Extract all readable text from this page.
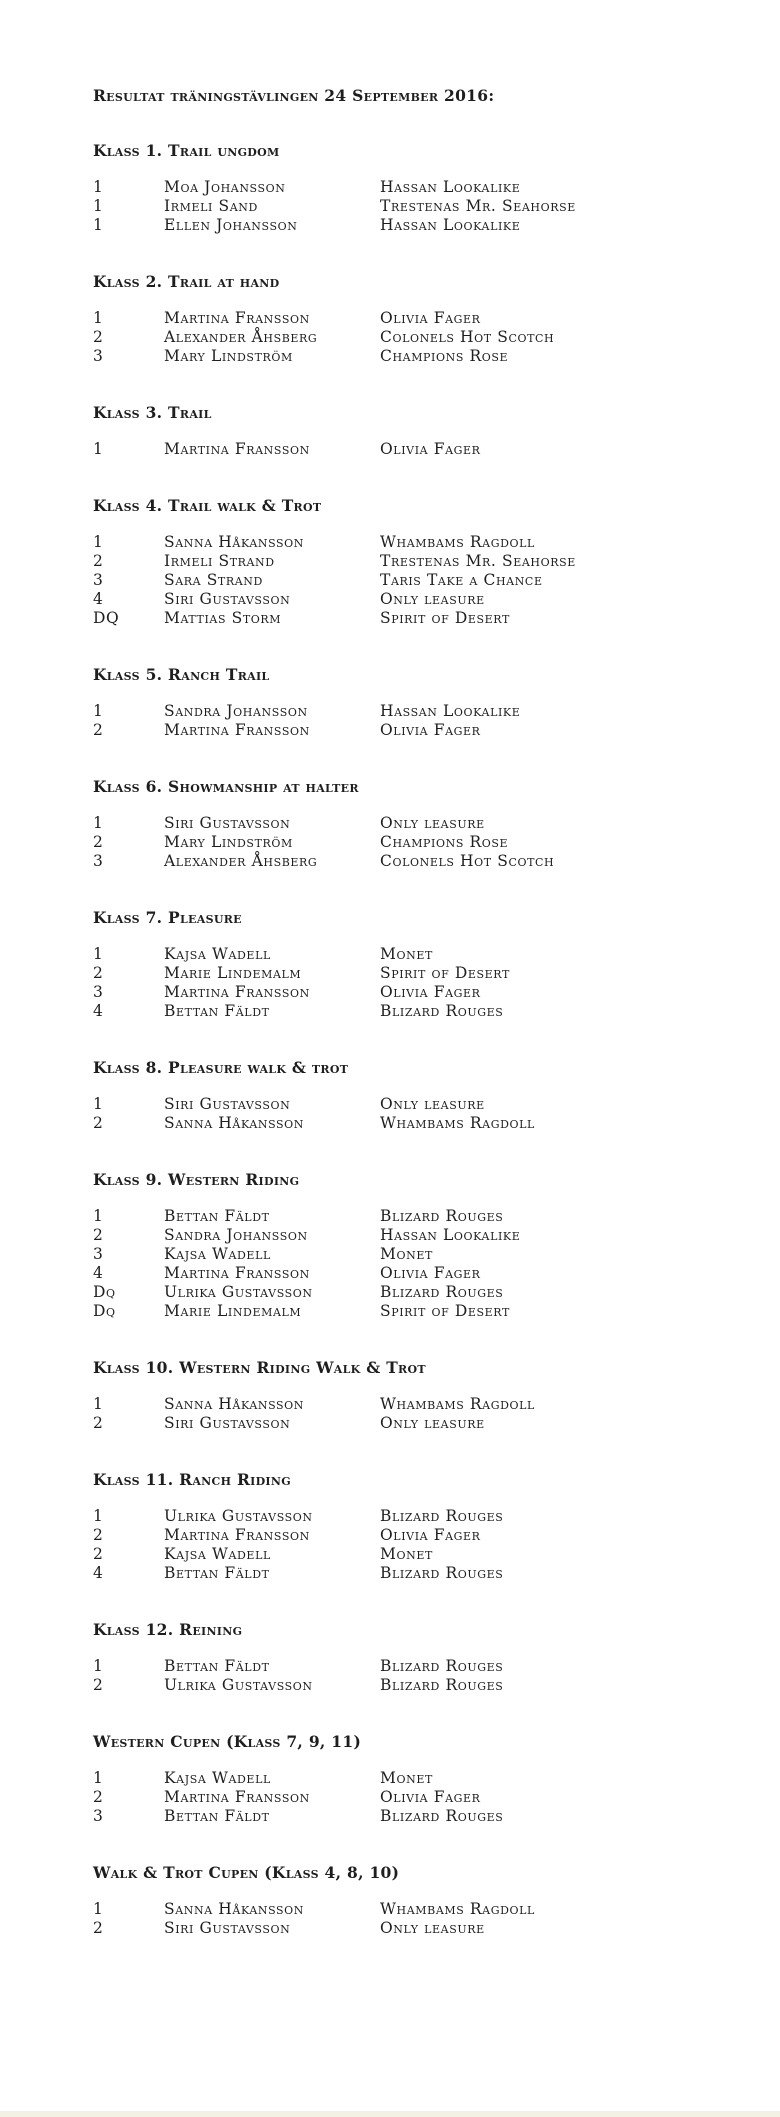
Resultat träningstävlingen 24 September 2016:
Klass 1. Trail ungdom
1	Moa Johansson	Hassan Lookalike
1	Irmeli Sand	Trestenas Mr. Seahorse
1	Ellen Johansson	Hassan Lookalike
Klass 2. Trail at hand
1	Martina Fransson	Olivia Fager
2	Alexander Åhsberg	Colonels Hot Scotch
3	Mary Lindström	Champions Rose
Klass 3. Trail
1	Martina Fransson	Olivia Fager
Klass 4. Trail walk & Trot
1	Sanna Håkansson	Whambams Ragdoll
2	Irmeli Strand	Trestenas Mr. Seahorse
3	Sara Strand	Taris Take a Chance
4	Siri Gustavsson	Only leasure
DQ	Mattias Storm	Spirit of Desert
Klass 5. Ranch Trail
1	Sandra Johansson	Hassan Lookalike
2	Martina Fransson	Olivia Fager
Klass 6. Showmanship at halter
1	Siri Gustavsson	Only leasure
2	Mary Lindström	Champions Rose
3	Alexander Åhsberg	Colonels Hot Scotch
Klass 7. Pleasure
1	Kajsa Wadell	Monet
2	Marie Lindemalm	Spirit of Desert
3	Martina Fransson	Olivia Fager
4	Bettan Fäldt	Blizard Rouges
Klass 8. Pleasure walk & trot
1	Siri Gustavsson	Only leasure
2	Sanna Håkansson	Whambams Ragdoll
Klass 9. Western Riding
1	Bettan Fäldt	Blizard Rouges
2	Sandra Johansson	Hassan Lookalike
3	Kajsa Wadell	Monet
4	Martina Fransson	Olivia Fager
Dq	Ulrika Gustavsson	Blizard Rouges
Dq	Marie Lindemalm	Spirit of Desert
Klass 10. Western Riding Walk & Trot
1	Sanna Håkansson	Whambams Ragdoll
2	Siri Gustavsson	Only leasure
Klass 11. Ranch Riding
1	Ulrika Gustavsson	Blizard Rouges
2	Martina Fransson	Olivia Fager
2	Kajsa Wadell	Monet
4	Bettan Fäldt	Blizard Rouges
Klass 12. Reining
1	Bettan Fäldt	Blizard Rouges
2	Ulrika Gustavsson	Blizard Rouges
Western Cupen (Klass 7, 9, 11)
1	Kajsa Wadell	Monet
2	Martina Fransson	Olivia Fager
3	Bettan Fäldt	Blizard Rouges
Walk & Trot Cupen (Klass 4, 8, 10)
1	Sanna Håkansson	Whambams Ragdoll
2	Siri Gustavsson	Only leasure
